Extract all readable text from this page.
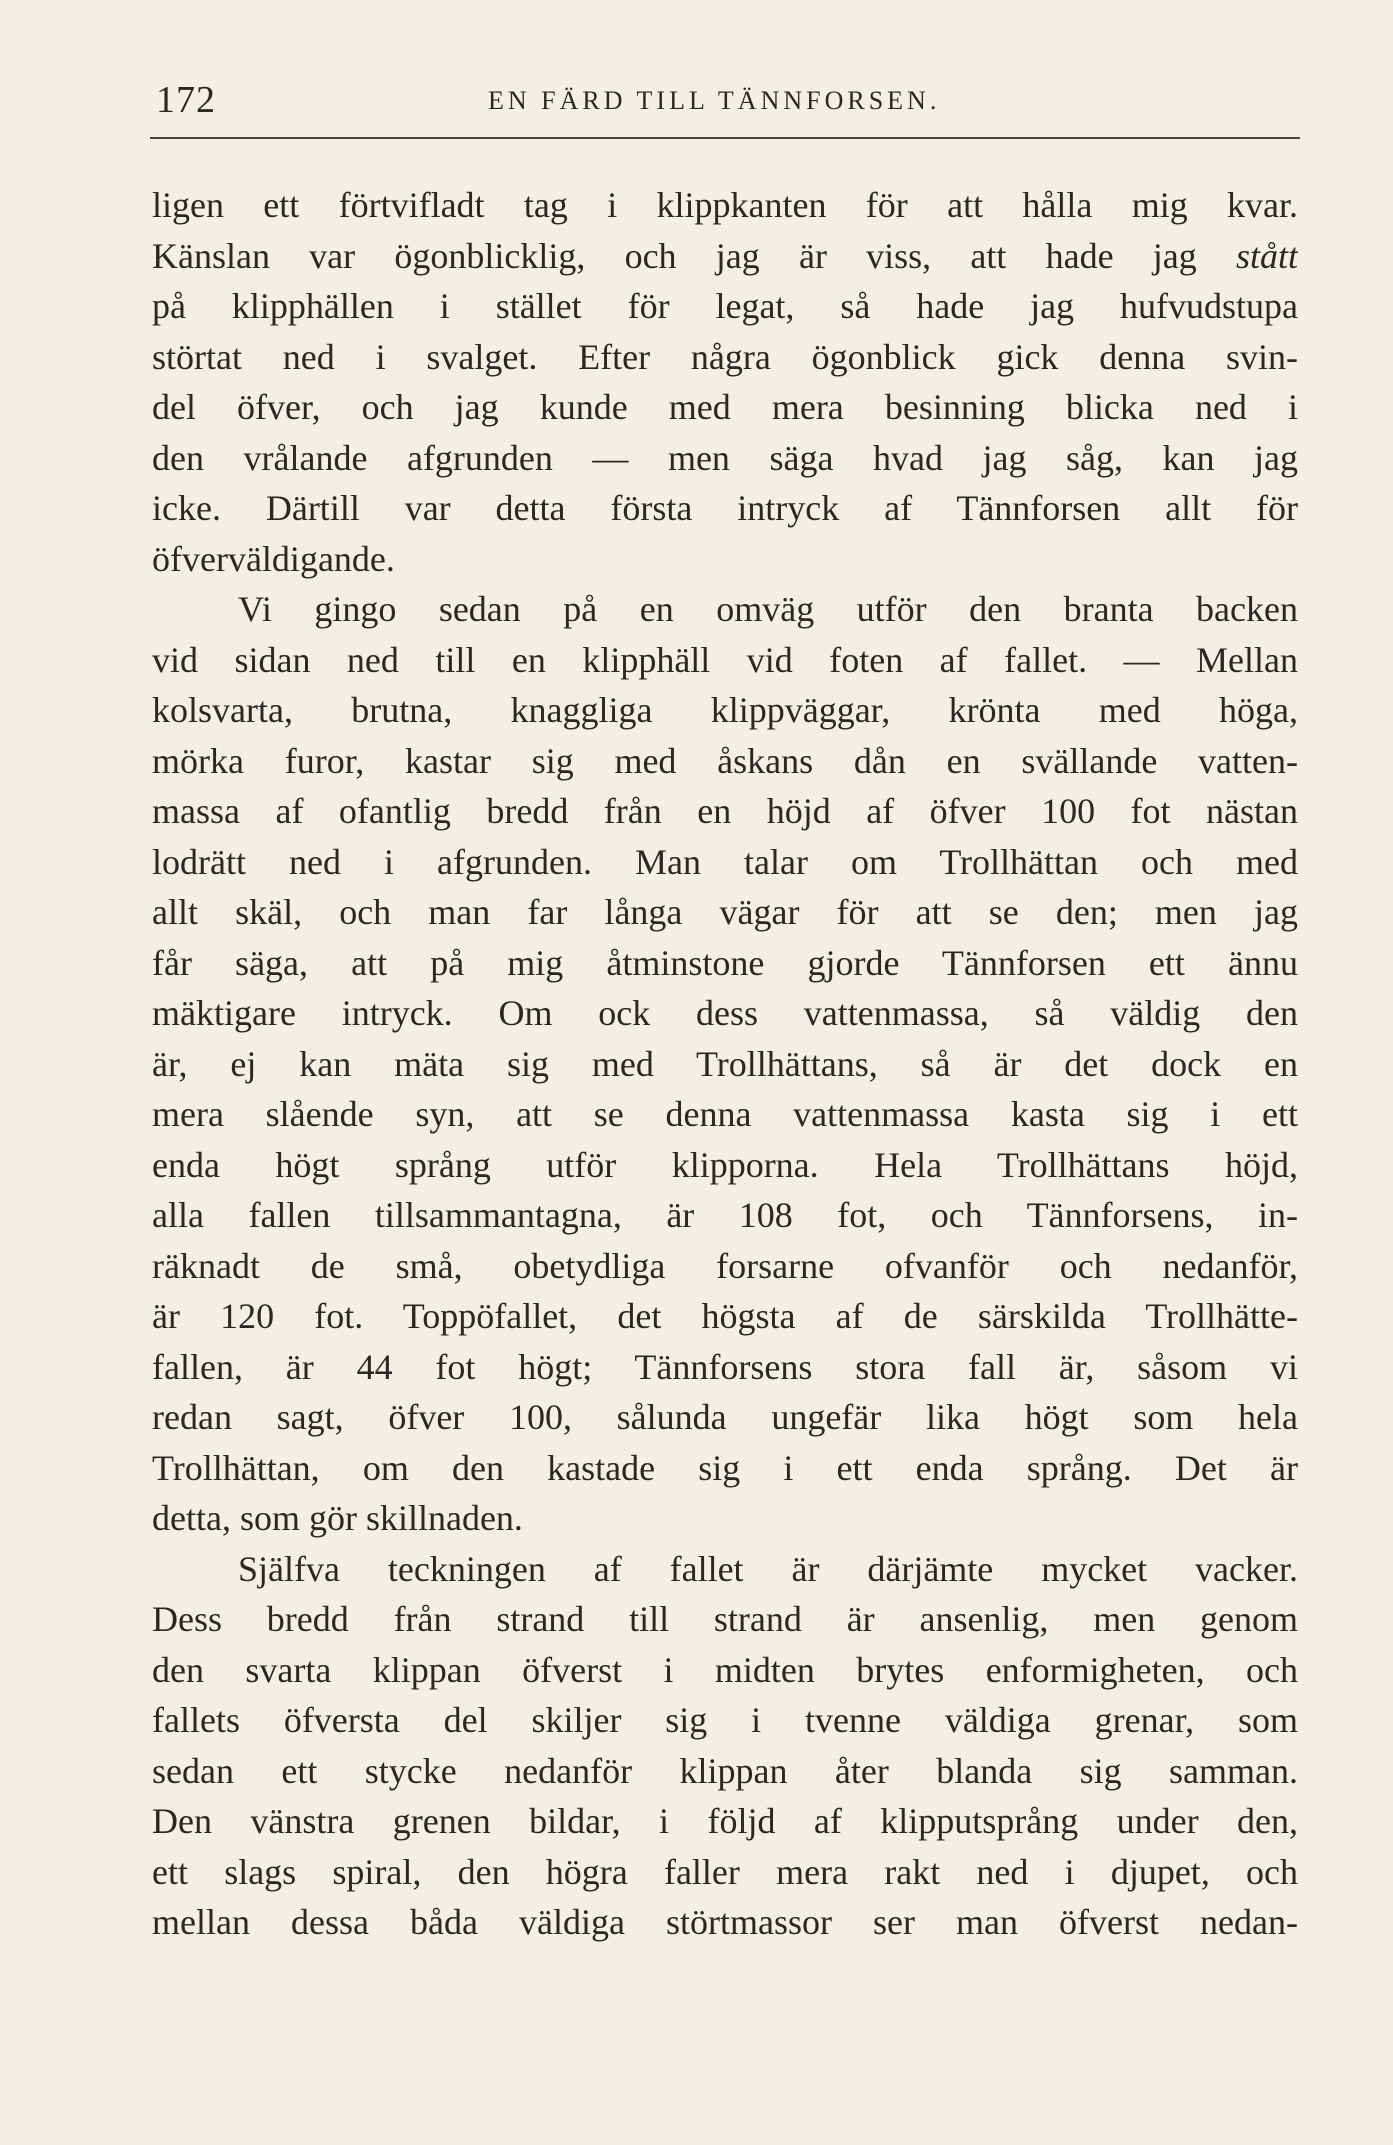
172	EN FÄRD TILL TÄNNFORSEN.
ligen ett förtvifladt tag i klippkanten för att hålla mig kvar.
Känslan var ögonblicklig, och jag är viss, att hade jag stått
på klipphällen i stället för legat, så hade jag hufvudstupa
störtat ned i svalget. Efter några ögonblick gick denna svin-
del öfver, och jag kunde med mera besinning blicka ned i
den vrålande afgrunden — men säga hvad jag såg, kan jag
icke. Därtill var detta första intryck af Tännforsen allt för
öfverväldigande.
Vi gingo sedan på en omväg utför den branta backen
vid sidan ned till en klipphäll vid foten af fallet. — Mellan
kolsvarta, brutna, knaggliga klippväggar, krönta med höga,
mörka furor, kastar sig med åskans dån en svällande vatten-
massa af ofantlig bredd från en höjd af öfver 100 fot nästan
lodrätt ned i afgrunden. Man talar om Trollhättan och med
allt skäl, och man far långa vägar för att se den; men jag
får säga, att på mig åtminstone gjorde Tännforsen ett ännu
mäktigare intryck. Om ock dess vattenmassa, så väldig den
är, ej kan mäta sig med Trollhättans, så är det dock en
mera slående syn, att se denna vattenmassa kasta sig i ett
enda högt språng utför klipporna. Hela Trollhättans höjd,
alla fallen tillsammantagna, är 108 fot, och Tännforsens, in-
räknadt de små, obetydliga forsarne ofvanför och nedanför,
är 120 fot. Toppöfallet, det högsta af de särskilda Trollhätte-
fallen, är 44 fot högt; Tännforsens stora fall är, såsom vi
redan sagt, öfver 100, sålunda ungefär lika högt som hela
Trollhättan, om den kastade sig i ett enda språng. Det är
detta, som gör skillnaden.
Själfva teckningen af fallet är därjämte mycket vacker.
Dess bredd från strand till strand är ansenlig, men genom
den svarta klippan öfverst i midten brytes enformigheten, och
fallets öfversta del skiljer sig i tvenne väldiga grenar, som
sedan ett stycke nedanför klippan åter blanda sig samman.
Den vänstra grenen bildar, i följd af klipputsprång under den,
ett slags spiral, den högra faller mera rakt ned i djupet, och
mellan dessa båda väldiga störtmassor ser man öfverst nedan-
